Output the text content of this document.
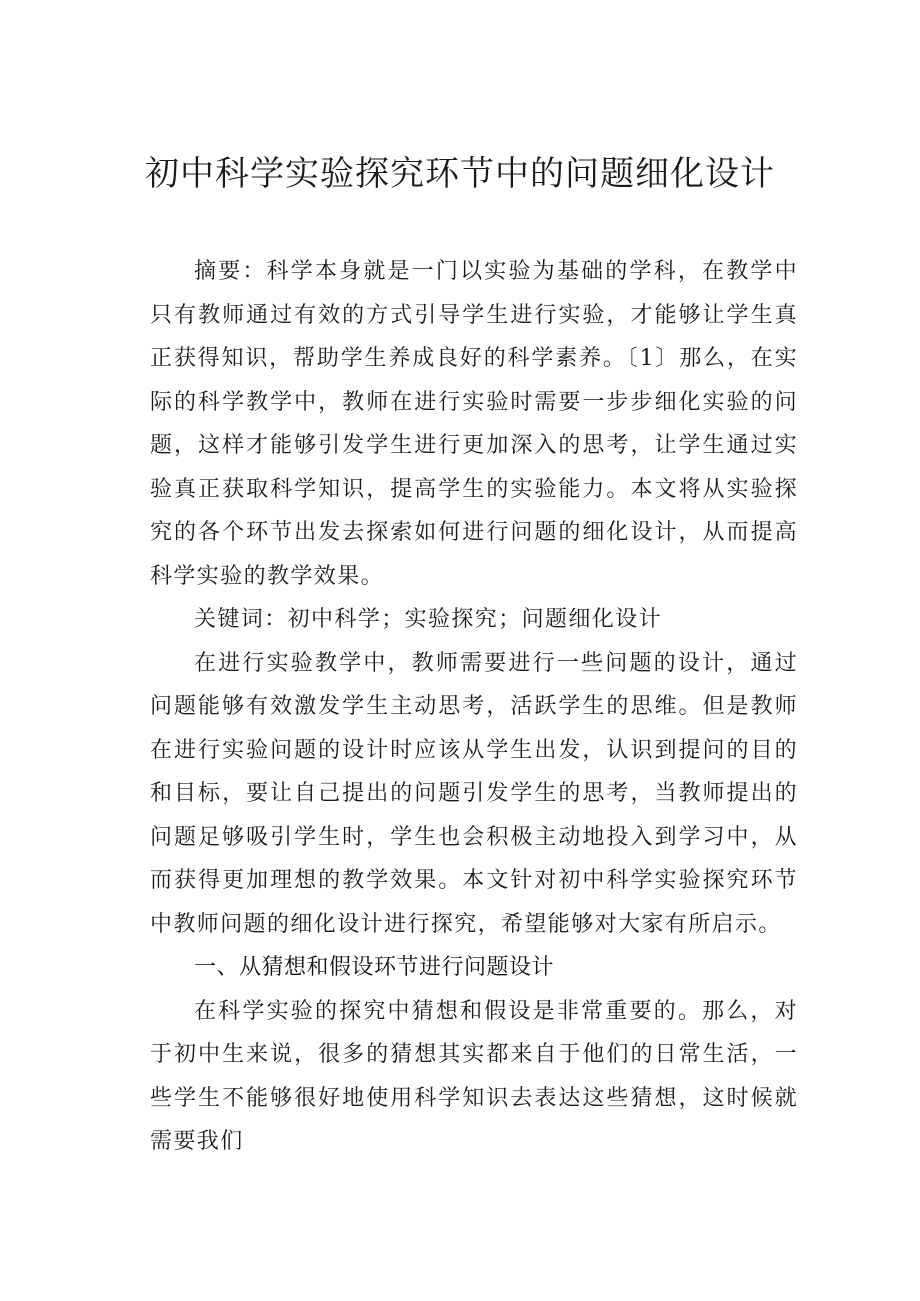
初中科学实验探究环节中的问题细化设计

摘要：科学本身就是一门以实验为基础的学科，在教学中只有教师通过有效的方式引导学生进行实验，才能够让学生真正获得知识，帮助学生养成良好的科学素养。〔1〕那么，在实际的科学教学中，教师在进行实验时需要一步步细化实验的问题，这样才能够引发学生进行更加深入的思考，让学生通过实验真正获取科学知识，提高学生的实验能力。本文将从实验探究的各个环节出发去探索如何进行问题的细化设计，从而提高科学实验的教学效果。

关键词：初中科学；实验探究；问题细化设计

在进行实验教学中，教师需要进行一些问题的设计，通过问题能够有效激发学生主动思考，活跃学生的思维。但是教师在进行实验问题的设计时应该从学生出发，认识到提问的目的和目标，要让自己提出的问题引发学生的思考，当教师提出的问题足够吸引学生时，学生也会积极主动地投入到学习中，从而获得更加理想的教学效果。本文针对初中科学实验探究环节中教师问题的细化设计进行探究，希望能够对大家有所启示。

一、从猜想和假设环节进行问题设计

在科学实验的探究中猜想和假设是非常重要的。那么，对于初中生来说，很多的猜想其实都来自于他们的日常生活，一些学生不能够很好地使用科学知识去表达这些猜想，这时候就需要我们
